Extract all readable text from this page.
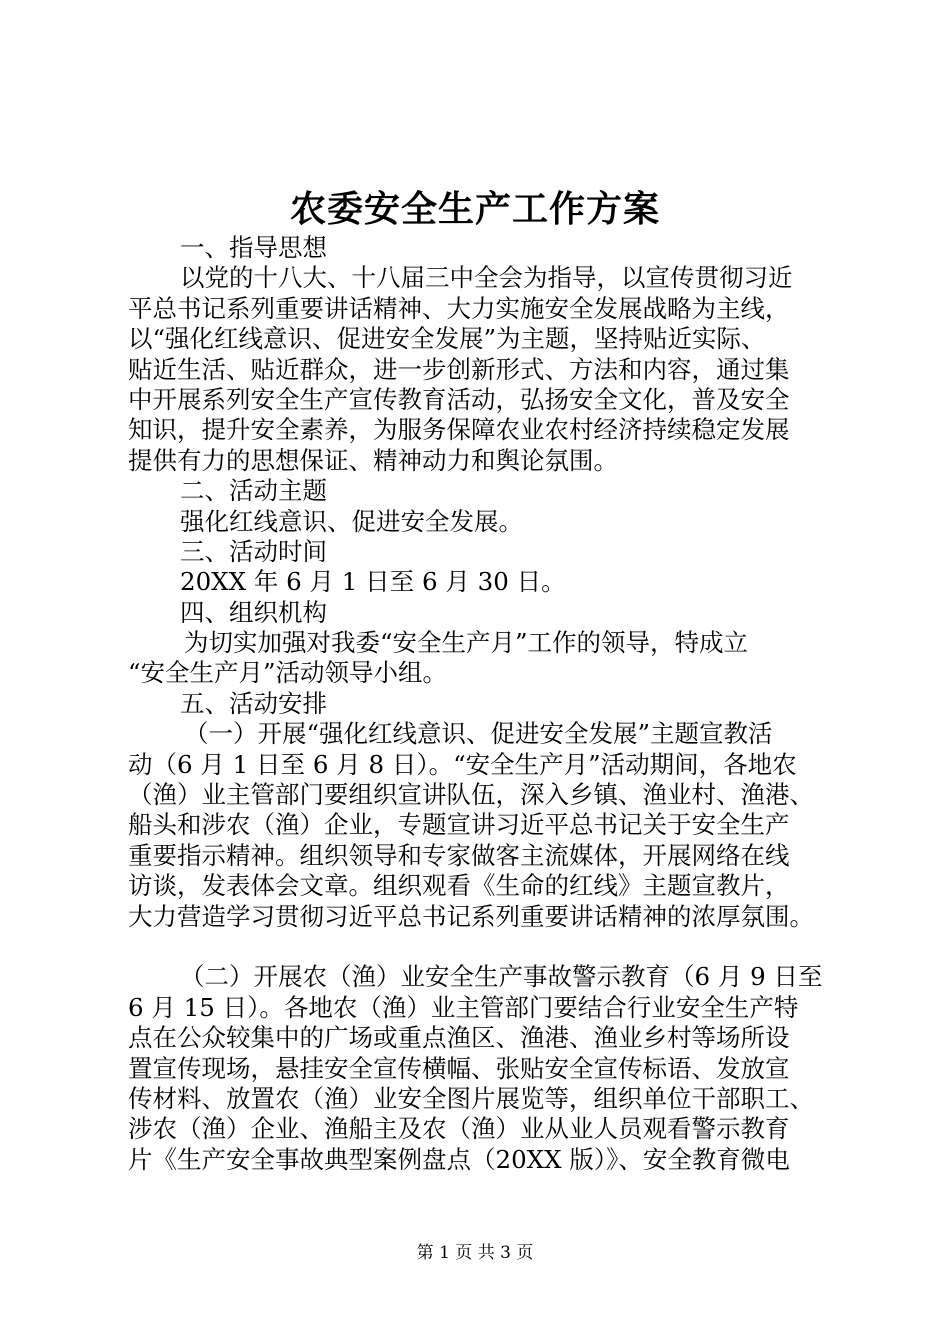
农委安全生产工作方案
一、指导思想
以党的十八大、十八届三中全会为指导，以宣传贯彻习近
平总书记系列重要讲话精神、大力实施安全发展战略为主线，
以“强化红线意识、促进安全发展”为主题，坚持贴近实际、
贴近生活、贴近群众，进一步创新形式、方法和内容，通过集
中开展系列安全生产宣传教育活动，弘扬安全文化，普及安全
知识，提升安全素养，为服务保障农业农村经济持续稳定发展
提供有力的思想保证、精神动力和舆论氛围。
二、活动主题
强化红线意识、促进安全发展。
三、活动时间
20XX 年 6 月 1 日至 6 月 30 日。
四、组织机构
为切实加强对我委“安全生产月”工作的领导，特成立
“安全生产月”活动领导小组。
五、活动安排
（一）开展“强化红线意识、促进安全发展”主题宣教活
动（6 月 1 日至 6 月 8 日）。“安全生产月”活动期间，各地农
（渔）业主管部门要组织宣讲队伍，深入乡镇、渔业村、渔港、
船头和涉农（渔）企业，专题宣讲习近平总书记关于安全生产
重要指示精神。组织领导和专家做客主流媒体，开展网络在线
访谈，发表体会文章。组织观看《生命的红线》主题宣教片，
大力营造学习贯彻习近平总书记系列重要讲话精神的浓厚氛围。
（二）开展农（渔）业安全生产事故警示教育（6 月 9 日至
6 月 15 日）。各地农（渔）业主管部门要结合行业安全生产特
点在公众较集中的广场或重点渔区、渔港、渔业乡村等场所设
置宣传现场，悬挂安全宣传横幅、张贴安全宣传标语、发放宣
传材料、放置农（渔）业安全图片展览等，组织单位干部职工、
涉农（渔）企业、渔船主及农（渔）业从业人员观看警示教育
片《生产安全事故典型案例盘点（20XX 版）》、安全教育微电
第 1 页 共 3 页
